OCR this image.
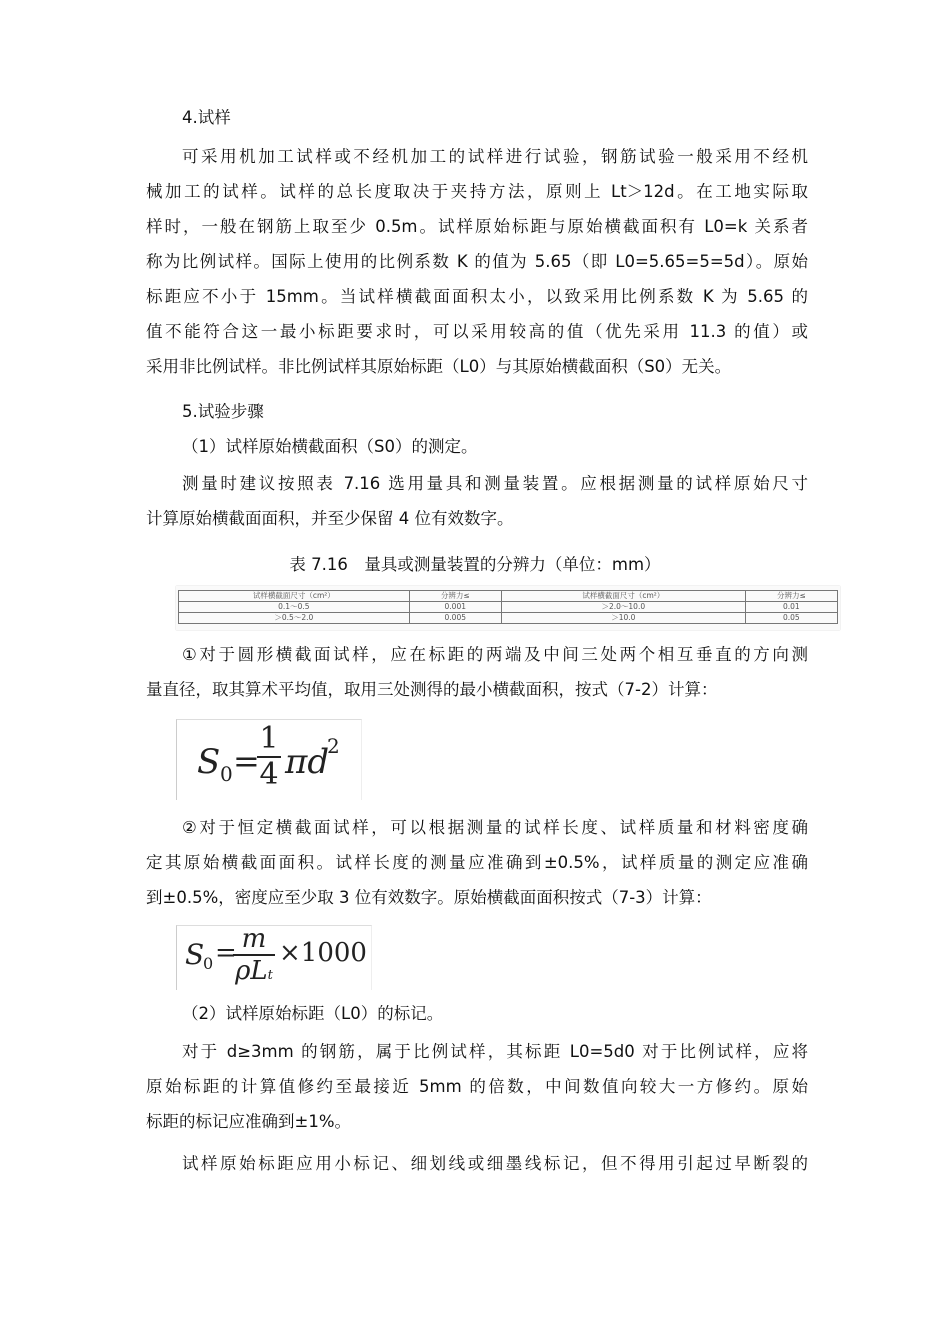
4.试样
可采用机加工试样或不经机加工的试样进行试验，钢筋试验一般采用不经机
械加工的试样。试样的总长度取决于夹持方法，原则上 Lt＞12d。在工地实际取
样时，一般在钢筋上取至少 0.5m。试样原始标距与原始横截面积有 L0=k 关系者
称为比例试样。国际上使用的比例系数 K 的值为 5.65（即 L0=5.65=5=5d）。原始
标距应不小于 15mm。当试样横截面面积太小，以致采用比例系数 K 为 5.65 的
值不能符合这一最小标距要求时，可以采用较高的值（优先采用 11.3 的值）或
采用非比例试样。非比例试样其原始标距（L0）与其原始横截面积（S0）无关。
5.试验步骤
（1）试样原始横截面积（S0）的测定。
测量时建议按照表 7.16 选用量具和测量装置。应根据测量的试样原始尺寸
计算原始横截面面积，并至少保留 4 位有效数字。
表 7.16　量具或测量装置的分辨力（单位：mm）
试样横截面尺寸（cm²）	分辨力≤	试样横截面尺寸（cm²）	分辨力≤
0.1～0.5	0.001	＞2.0～10.0	0.01
＞0.5～2.0	0.005	＞10.0	0.05
①对于圆形横截面试样，应在标距的两端及中间三处两个相互垂直的方向测
量直径，取其算术平均值，取用三处测得的最小横截面积，按式（7-2）计算：
S 0 =
1
4 πd
2
②对于恒定横截面试样，可以根据测量的试样长度、试样质量和材料密度确
定其原始横截面面积。试样长度的测量应准确到±0.5%，试样质量的测定应准确
到±0.5%，密度应至少取 3 位有效数字。原始横截面面积按式（7-3）计算：
S
0 = m
ρLt
×1000
（2）试样原始标距（L0）的标记。
对于 d≥3mm 的钢筋，属于比例试样，其标距 L0=5d0 对于比例试样，应将
原始标距的计算值修约至最接近 5mm 的倍数，中间数值向较大一方修约。原始
标距的标记应准确到±1%。
试样原始标距应用小标记、细划线或细墨线标记，但不得用引起过早断裂的
